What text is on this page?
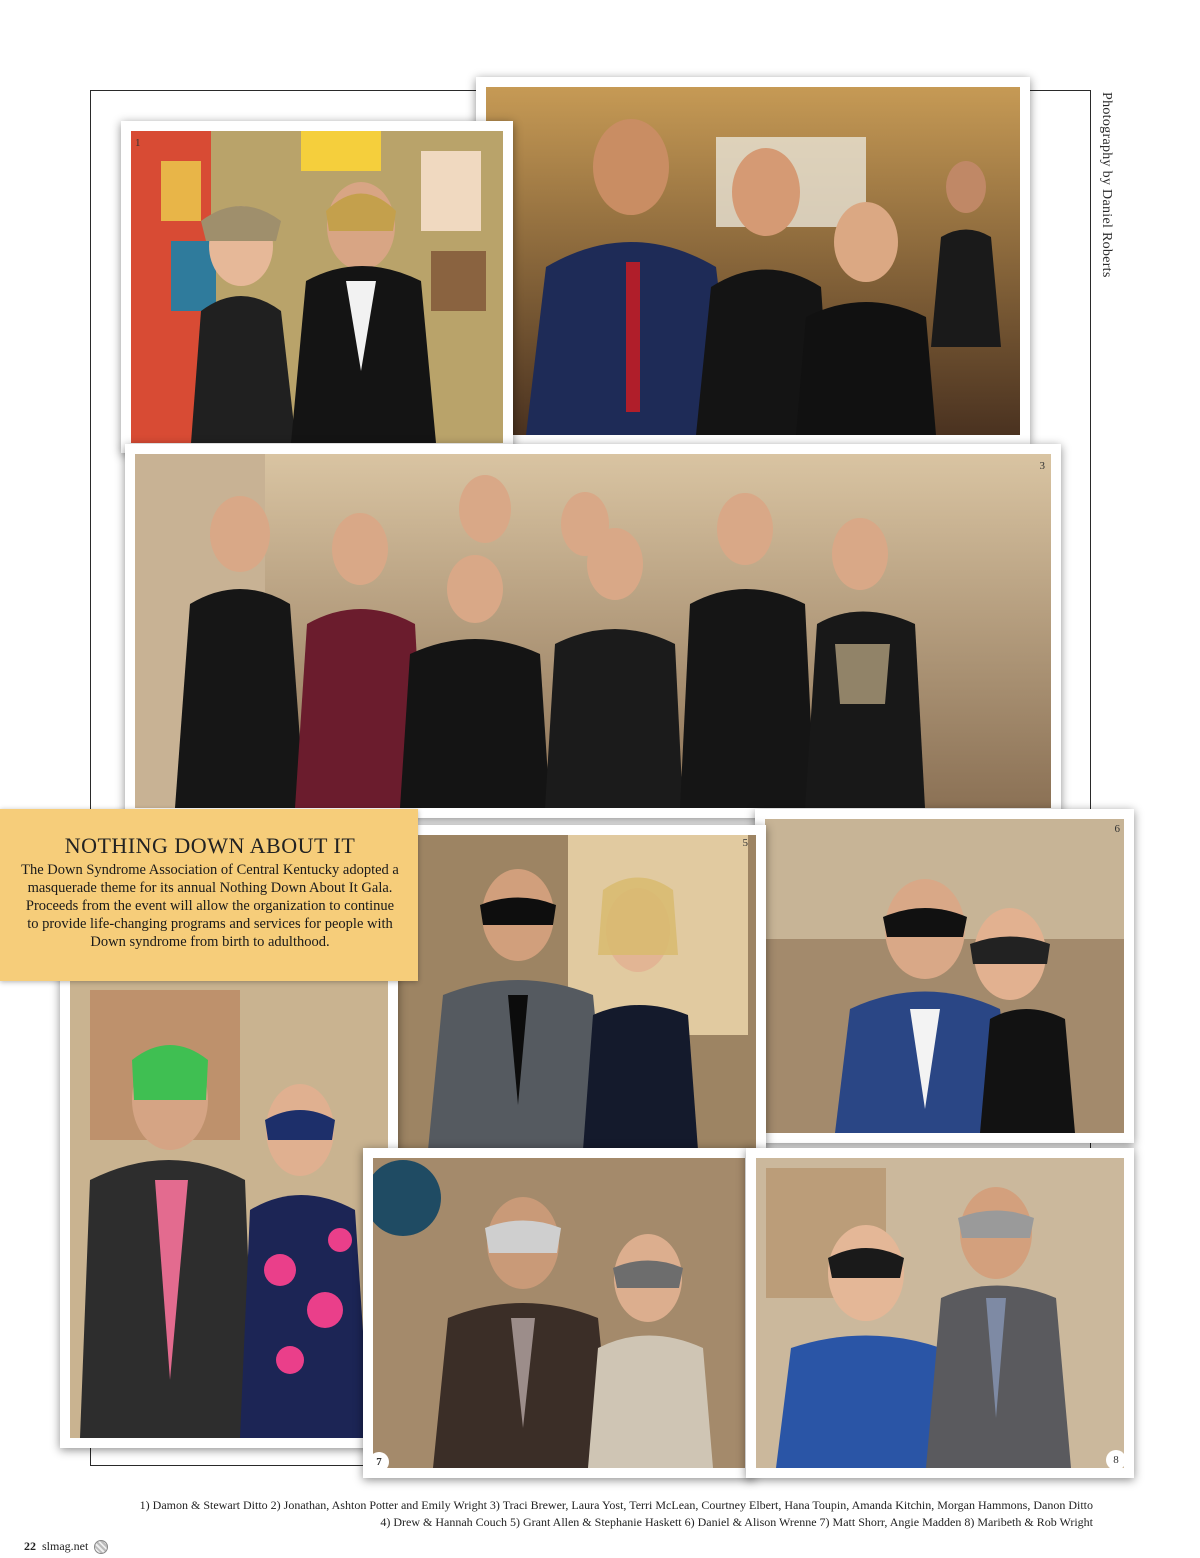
Photography by Daniel Roberts
1
3
6
5
NOTHING DOWN ABOUT IT

The Down Syndrome Association of Central Kentucky adopted a masquerade theme for its annual Nothing Down About It Gala. Proceeds from the event will allow the organization to continue to provide life-changing programs and services for people with Down syndrome from birth to adulthood.

7	8
1) Damon & Stewart Ditto 2) Jonathan, Ashton Potter and Emily Wright 3) Traci Brewer, Laura Yost, Terri McLean, Courtney Elbert, Hana Toupin, Amanda Kitchin, Morgan Hammons, Danon Ditto
4) Drew & Hannah Couch 5) Grant Allen & Stephanie Haskett 6) Daniel & Alison Wrenne 7) Matt Shorr, Angie Madden 8) Maribeth & Rob Wright
22 slmag.net
